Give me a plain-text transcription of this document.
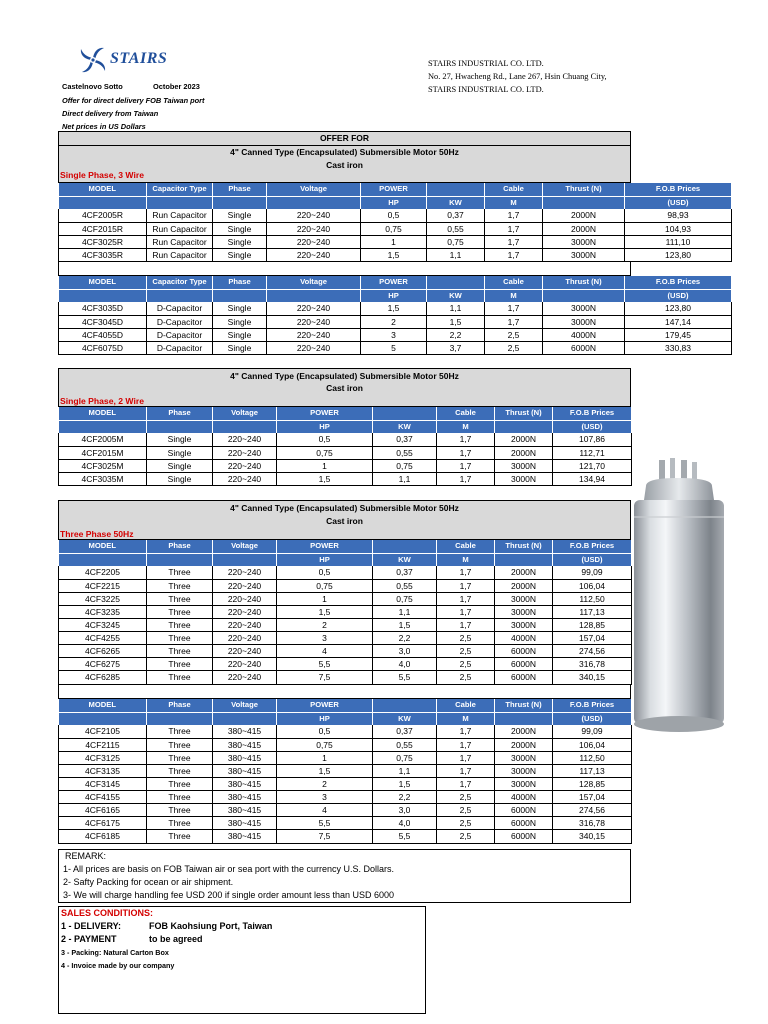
STAIRS	STAIRS INDUSTRIAL CO. LTD.
No. 27, Hwacheng Rd., Lane 267, Hsin Chuang City,
STAIRS INDUSTRIAL CO. LTD.
Castelnovo Sotto	October 2023
Offer for direct delivery FOB Taiwan port
Direct delivery from Taiwan
Net prices in US Dollars
OFFER FOR
4" Canned Type (Encapsulated) Submersible Motor 50Hz
Cast iron
Single Phase, 3 Wire
MODEL	Capacitor Type	Phase	Voltage	POWER		Cable	Thrust (N)	F.O.B Prices
				HP	KW	M		(USD)
4CF2005R	Run Capacitor	Single	220~240	0,5	0,37	1,7	2000N	98,93
4CF2015R	Run Capacitor	Single	220~240	0,75	0,55	1,7	2000N	104,93
4CF3025R	Run Capacitor	Single	220~240	1	0,75	1,7	3000N	111,10
4CF3035R	Run Capacitor	Single	220~240	1,5	1,1	1,7	3000N	123,80
MODEL	Capacitor Type	Phase	Voltage	POWER		Cable	Thrust (N)	F.O.B Prices
				HP	KW	M		(USD)
4CF3035D	D-Capacitor	Single	220~240	1,5	1,1	1,7	3000N	123,80
4CF3045D	D-Capacitor	Single	220~240	2	1,5	1,7	3000N	147,14
4CF4055D	D-Capacitor	Single	220~240	3	2,2	2,5	4000N	179,45
4CF6075D	D-Capacitor	Single	220~240	5	3,7	2,5	6000N	330,83
4" Canned Type (Encapsulated) Submersible Motor 50Hz
Cast iron
Single Phase, 2 Wire
MODEL	Phase	Voltage	POWER		Cable	Thrust (N)	F.O.B Prices
			HP	KW	M		(USD)
4CF2005M	Single	220~240	0,5	0,37	1,7	2000N	107,86
4CF2015M	Single	220~240	0,75	0,55	1,7	2000N	112,71
4CF3025M	Single	220~240	1	0,75	1,7	3000N	121,70
4CF3035M	Single	220~240	1,5	1,1	1,7	3000N	134,94
4" Canned Type (Encapsulated) Submersible Motor 50Hz
Cast iron
Three Phase 50Hz
MODEL	Phase	Voltage	POWER		Cable	Thrust (N)	F.O.B Prices
			HP	KW	M		(USD)
4CF2205	Three	220~240	0,5	0,37	1,7	2000N	99,09
4CF2215	Three	220~240	0,75	0,55	1,7	2000N	106,04
4CF3225	Three	220~240	1	0,75	1,7	3000N	112,50
4CF3235	Three	220~240	1,5	1,1	1,7	3000N	117,13
4CF3245	Three	220~240	2	1,5	1,7	3000N	128,85
4CF4255	Three	220~240	3	2,2	2,5	4000N	157,04
4CF6265	Three	220~240	4	3,0	2,5	6000N	274,56
4CF6275	Three	220~240	5,5	4,0	2,5	6000N	316,78
4CF6285	Three	220~240	7,5	5,5	2,5	6000N	340,15
MODEL	Phase	Voltage	POWER		Cable	Thrust (N)	F.O.B Prices
			HP	KW	M		(USD)
4CF2105	Three	380~415	0,5	0,37	1,7	2000N	99,09
4CF2115	Three	380~415	0,75	0,55	1,7	2000N	106,04
4CF3125	Three	380~415	1	0,75	1,7	3000N	112,50
4CF3135	Three	380~415	1,5	1,1	1,7	3000N	117,13
4CF3145	Three	380~415	2	1,5	1,7	3000N	128,85
4CF4155	Three	380~415	3	2,2	2,5	4000N	157,04
4CF6165	Three	380~415	4	3,0	2,5	6000N	274,56
4CF6175	Three	380~415	5,5	4,0	2,5	6000N	316,78
4CF6185	Three	380~415	7,5	5,5	2,5	6000N	340,15
REMARK:
1- All prices are basis on FOB Taiwan air or sea port with the currency U.S. Dollars.
2- Safty Packing for ocean or air shipment.
3- We will charge handling fee USD 200 if single order amount less than USD 6000
SALES CONDITIONS:
1 - DELIVERY:	FOB Kaohsiung Port, Taiwan
2 - PAYMENT	to be agreed
3 - Packing: Natural Carton Box
4 - Invoice made by our company
